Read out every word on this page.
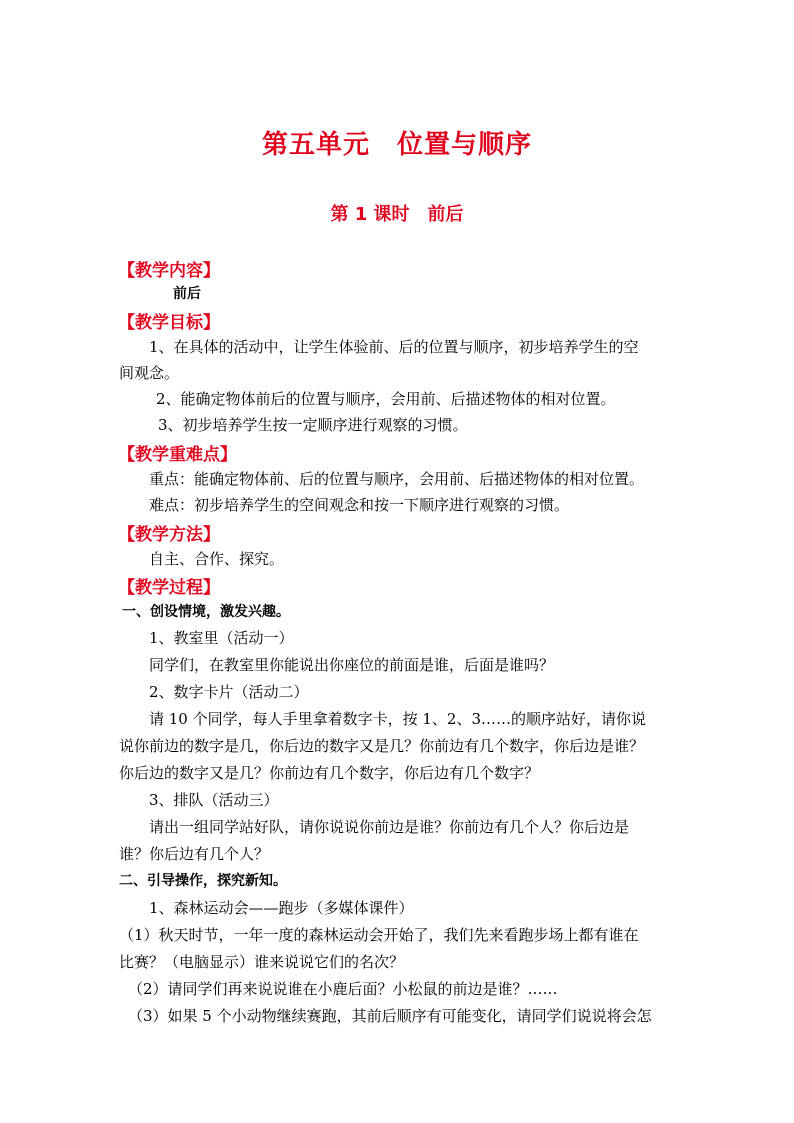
第五单元　位置与顺序
第 1 课时　前后
【教学内容】
前后
【教学目标】
1、在具体的活动中，让学生体验前、后的位置与顺序，初步培养学生的空
间观念。
2、能确定物体前后的位置与顺序，会用前、后描述物体的相对位置。
3、初步培养学生按一定顺序进行观察的习惯。
【教学重难点】
重点：能确定物体前、后的位置与顺序，会用前、后描述物体的相对位置。
难点：初步培养学生的空间观念和按一下顺序进行观察的习惯。
【教学方法】
自主、合作、探究。
【教学过程】
一、创设情境，激发兴趣。
1、教室里（活动一）
同学们，在教室里你能说出你座位的前面是谁，后面是谁吗？
2、数字卡片（活动二）
请 10 个同学，每人手里拿着数字卡，按 1、2、3……的顺序站好，请你说
说你前边的数字是几，你后边的数字又是几？你前边有几个数字，你后边是谁？
你后边的数字又是几？你前边有几个数字，你后边有几个数字？
3、排队（活动三）
请出一组同学站好队，请你说说你前边是谁？你前边有几个人？你后边是
谁？你后边有几个人？
二、引导操作，探究新知。
1、森林运动会——跑步（多媒体课件）
（1）秋天时节，一年一度的森林运动会开始了，我们先来看跑步场上都有谁在
比赛？（电脑显示）谁来说说它们的名次？
（2）请同学们再来说说谁在小鹿后面？小松鼠的前边是谁？……
（3）如果 5 个小动物继续赛跑，其前后顺序有可能变化，请同学们说说将会怎
